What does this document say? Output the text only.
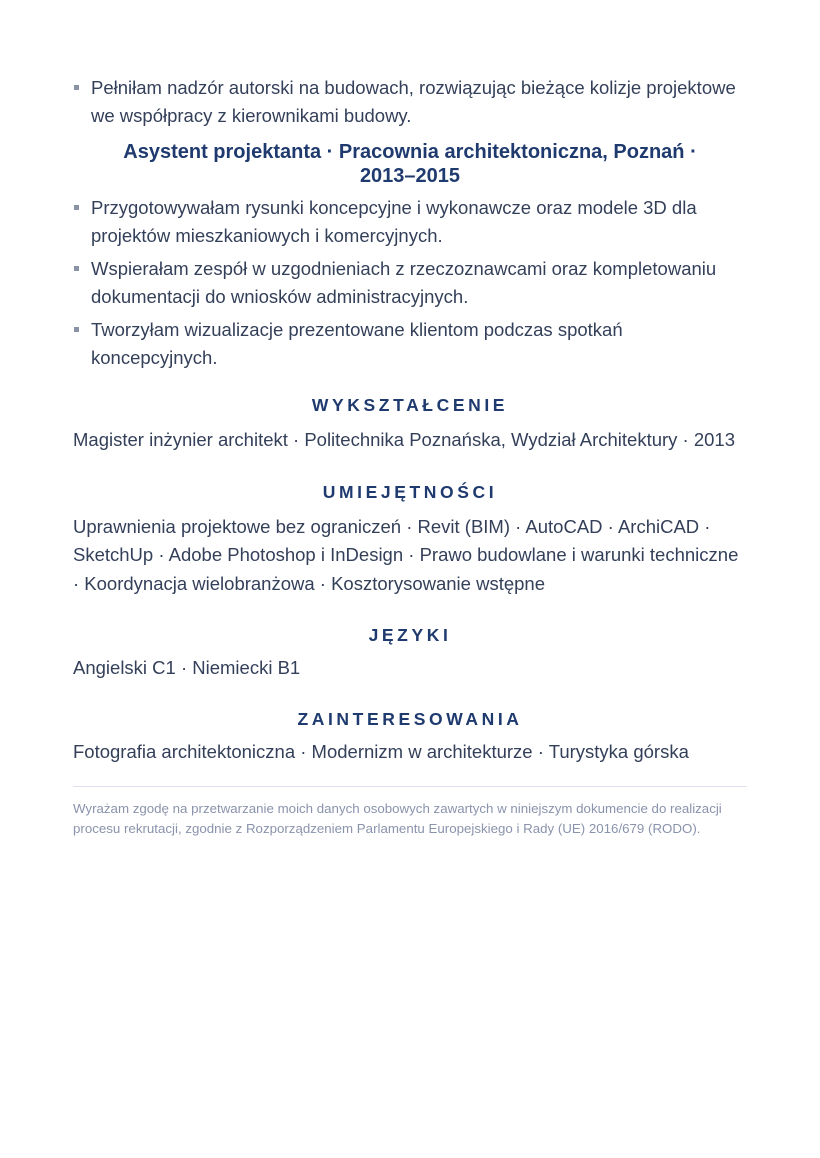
Pełniłam nadzór autorski na budowach, rozwiązując bieżące kolizje projektowe we współpracy z kierownikami budowy.
Asystent projektanta · Pracownia architektoniczna, Poznań · 2013–2015
Przygotowywałam rysunki koncepcyjne i wykonawcze oraz modele 3D dla projektów mieszkaniowych i komercyjnych.
Wspierałam zespół w uzgodnieniach z rzeczoznawcami oraz kompletowaniu dokumentacji do wniosków administracyjnych.
Tworzyłam wizualizacje prezentowane klientom podczas spotkań koncepcyjnych.
WYKSZTAŁCENIE

Magister inżynier architekt · Politechnika Poznańska, Wydział Architektury · 2013

UMIEJĘTNOŚCI

Uprawnienia projektowe bez ograniczeń · Revit (BIM) · AutoCAD · ArchiCAD · SketchUp · Adobe Photoshop i InDesign · Prawo budowlane i warunki techniczne · Koordynacja wielobranżowa · Kosztorysowanie wstępne

JĘZYKI

Angielski C1 · Niemiecki B1

ZAINTERESOWANIA

Fotografia architektoniczna · Modernizm w architekturze · Turystyka górska

Wyrażam zgodę na przetwarzanie moich danych osobowych zawartych w niniejszym dokumencie do realizacji procesu rekrutacji, zgodnie z Rozporządzeniem Parlamentu Europejskiego i Rady (UE) 2016/679 (RODO).
